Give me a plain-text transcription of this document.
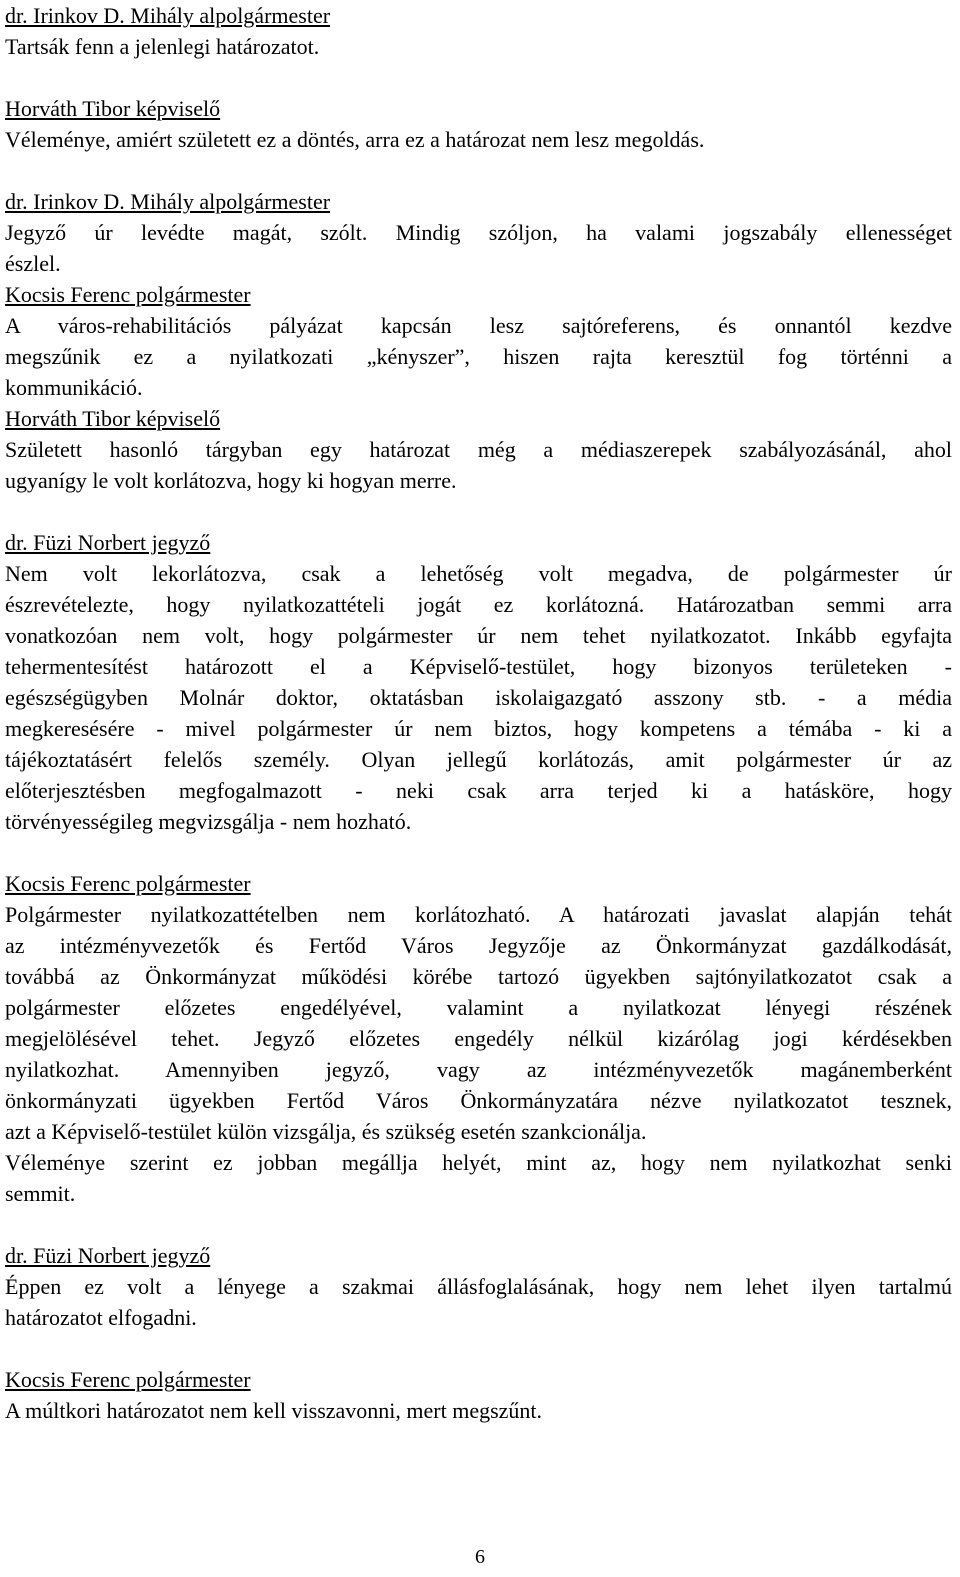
dr. Irinkov D. Mihály alpolgármester
Tartsák fenn a jelenlegi határozatot.
Horváth Tibor képviselő
Véleménye, amiért született ez a döntés, arra ez a határozat nem lesz megoldás.
dr. Irinkov D. Mihály alpolgármester
Jegyző úr levédte magát, szólt. Mindig szóljon, ha valami jogszabály ellenességet
észlel.
Kocsis Ferenc polgármester
A város-rehabilitációs pályázat kapcsán lesz sajtóreferens, és onnantól kezdve
megszűnik ez a nyilatkozati „kényszer”, hiszen rajta keresztül fog történni a
kommunikáció.
Horváth Tibor képviselő
Született hasonló tárgyban egy határozat még a médiaszerepek szabályozásánál, ahol
ugyanígy le volt korlátozva, hogy ki hogyan merre.
dr. Füzi Norbert jegyző
Nem volt lekorlátozva, csak a lehetőség volt megadva, de polgármester úr
észrevételezte, hogy nyilatkozattételi jogát ez korlátozná. Határozatban semmi arra
vonatkozóan nem volt, hogy polgármester úr nem tehet nyilatkozatot. Inkább egyfajta
tehermentesítést határozott el a Képviselő-testület, hogy bizonyos területeken -
egészségügyben Molnár doktor, oktatásban iskolaigazgató asszony stb. - a média
megkeresésére - mivel polgármester úr nem biztos, hogy kompetens a témába - ki a
tájékoztatásért felelős személy. Olyan jellegű korlátozás, amit polgármester úr az
előterjesztésben megfogalmazott - neki csak arra terjed ki a hatásköre, hogy
törvényességileg megvizsgálja - nem hozható.
Kocsis Ferenc polgármester
Polgármester nyilatkozattételben nem korlátozható. A határozati javaslat alapján tehát
az intézményvezetők és Fertőd Város Jegyzője az Önkormányzat gazdálkodását,
továbbá az Önkormányzat működési körébe tartozó ügyekben sajtónyilatkozatot csak a
polgármester előzetes engedélyével, valamint a nyilatkozat lényegi részének
megjelölésével tehet. Jegyző előzetes engedély nélkül kizárólag jogi kérdésekben
nyilatkozhat. Amennyiben jegyző, vagy az intézményvezetők magánemberként
önkormányzati ügyekben Fertőd Város Önkormányzatára nézve nyilatkozatot tesznek,
azt a Képviselő-testület külön vizsgálja, és szükség esetén szankcionálja.
Véleménye szerint ez jobban megállja helyét, mint az, hogy nem nyilatkozhat senki
semmit.
dr. Füzi Norbert jegyző
Éppen ez volt a lényege a szakmai állásfoglalásának, hogy nem lehet ilyen tartalmú
határozatot elfogadni.
Kocsis Ferenc polgármester
A múltkori határozatot nem kell visszavonni, mert megszűnt.
6
